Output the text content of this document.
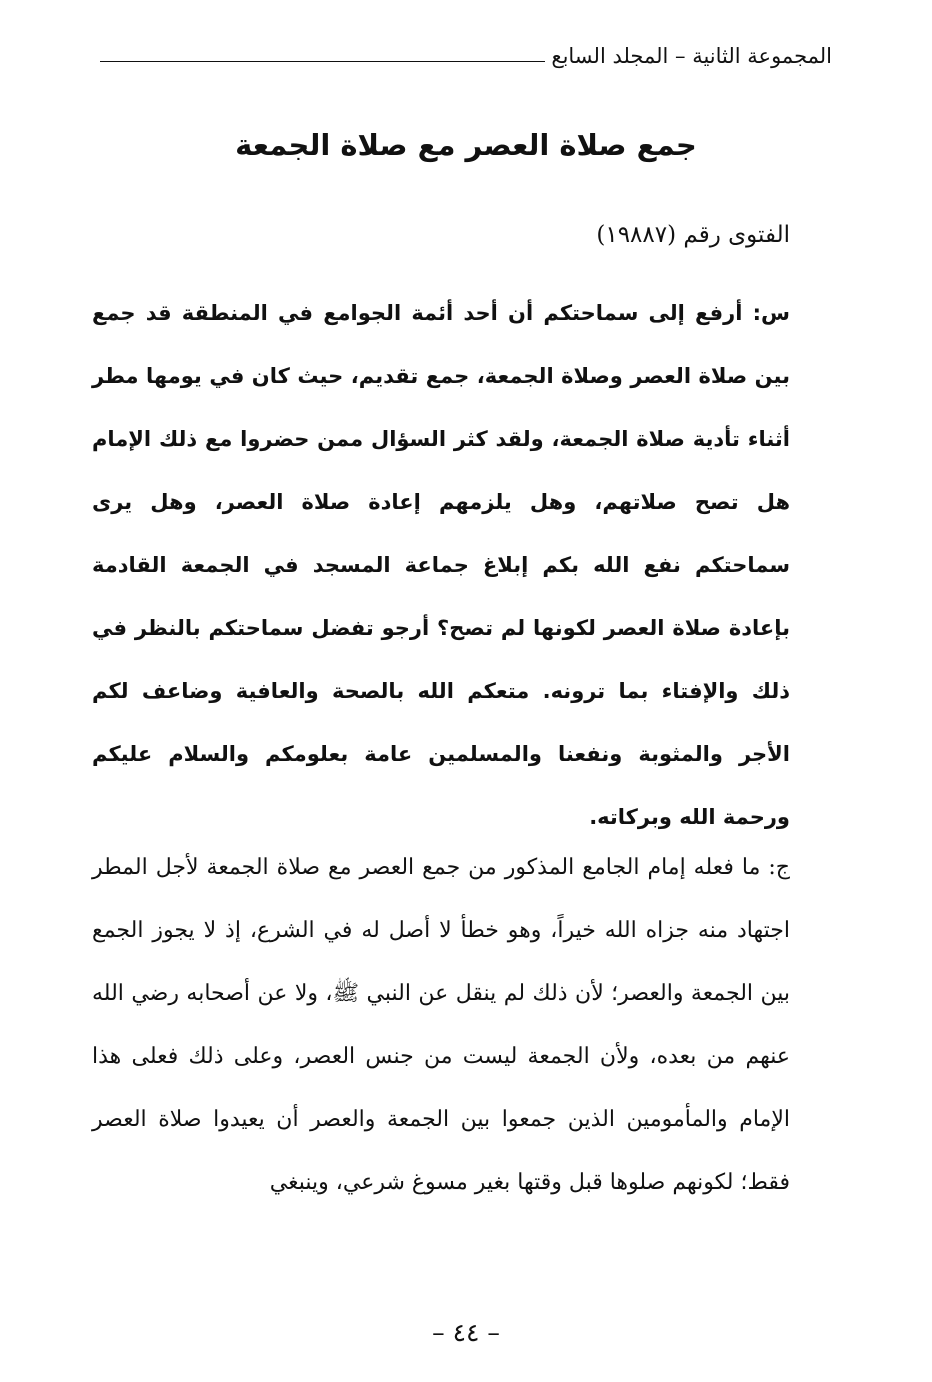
المجموعة الثانية – المجلد السابع
جمع صلاة العصر مع صلاة الجمعة
الفتوى رقم (١٩٨٨٧)

س: أرفع إلى سماحتكم أن أحد أئمة الجوامع في المنطقة قد جمع بين صلاة العصر وصلاة الجمعة، جمع تقديم، حيث كان في يومها مطر أثناء تأدية صلاة الجمعة، ولقد كثر السؤال ممن حضروا مع ذلك الإمام هل تصح صلاتهم، وهل يلزمهم إعادة صلاة العصر، وهل يرى سماحتكم نفع الله بكم إبلاغ جماعة المسجد في الجمعة القادمة بإعادة صلاة العصر لكونها لم تصح؟ أرجو تفضل سماحتكم بالنظر في ذلك والإفتاء بما ترونه. متعكم الله بالصحة والعافية وضاعف لكم الأجر والمثوبة ونفعنا والمسلمين عامة بعلومكم والسلام عليكم ورحمة الله وبركاته.

ج: ما فعله إمام الجامع المذكور من جمع العصر مع صلاة الجمعة لأجل المطر اجتهاد منه جزاه الله خيراً، وهو خطأ لا أصل له في الشرع، إذ لا يجوز الجمع بين الجمعة والعصر؛ لأن ذلك لم ينقل عن النبي ﷺ، ولا عن أصحابه رضي الله عنهم من بعده، ولأن الجمعة ليست من جنس العصر، وعلى ذلك فعلى هذا الإمام والمأمومين الذين جمعوا بين الجمعة والعصر أن يعيدوا صلاة العصر فقط؛ لكونهم صلوها قبل وقتها بغير مسوغ شرعي، وينبغي

– ٤٤ –
